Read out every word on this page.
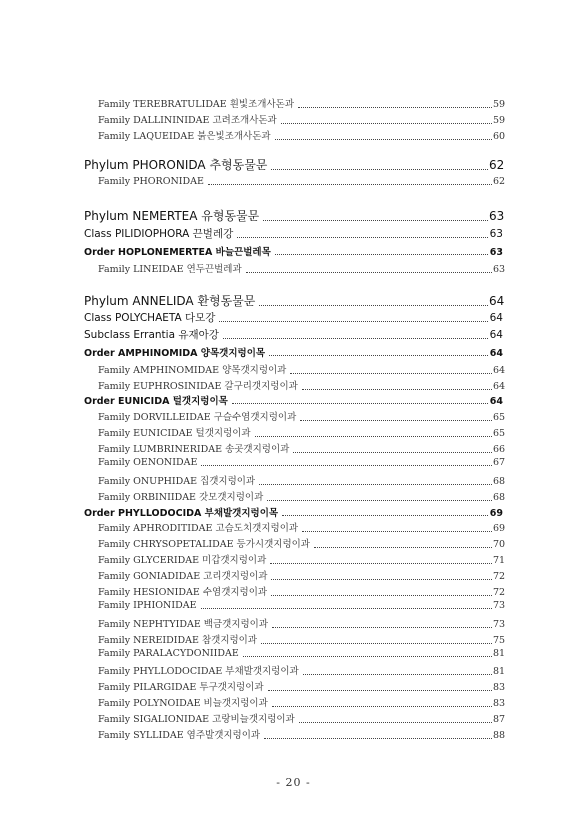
Family TEREBRATULIDAE 흰빛조개사돈과	59
Family DALLININIDAE 고려조개사돈과	59
Family LAQUEIDAE 붉은빛조개사돈과	60
Phylum PHORONIDA 추형동물문	62
Family PHORONIDAE	62
Phylum NEMERTEA 유형동물문	63
Class PILIDIOPHORA 끈벌레강	63
Order HOPLONEMERTEA 바늘끈벌레목	63
Family LINEIDAE 연두끈벌레과	63
Phylum ANNELIDA 환형동물문	64
Class POLYCHAETA 다모강	64
Subclass Errantia 유재아강	64
Order AMPHINOMIDA 양목갯지렁이목	64
Family AMPHINOMIDAE 양목갯지렁이과	64
Family EUPHROSINIDAE 갈구리갯지렁이과	64
Order EUNICIDA 털갯지렁이목	64
Family DORVILLEIDAE 구슬수염갯지렁이과	65
Family EUNICIDAE 털갯지렁이과	65
Family LUMBRINERIDAE 송곳갯지렁이과	66
Family OENONIDAE	67
Family ONUPHIDAE 집갯지렁이과	68
Family ORBINIIDAE 갓모갯지렁이과	68
Order PHYLLODOCIDA 부채발갯지렁이목	69
Family APHRODITIDAE 고슴도치갯지렁이과	69
Family CHRYSOPETALIDAE 등가시갯지렁이과	70
Family GLYCERIDAE 미갑갯지렁이과	71
Family GONIADIDAE 고리갯지렁이과	72
Family HESIONIDAE 수염갯지렁이과	72
Family IPHIONIDAE	73
Family NEPHTYIDAE 백금갯지렁이과	73
Family NEREIDIDAE 참갯지렁이과	75
Family PARALACYDONIIDAE	81
Family PHYLLODOCIDAE 부채발갯지렁이과	81
Family PILARGIDAE 투구갯지렁이과	83
Family POLYNOIDAE 비늘갯지렁이과	83
Family SIGALIONIDAE 고랑비늘갯지렁이과	87
Family SYLLIDAE 염주발갯지렁이과	88
- 20 -
